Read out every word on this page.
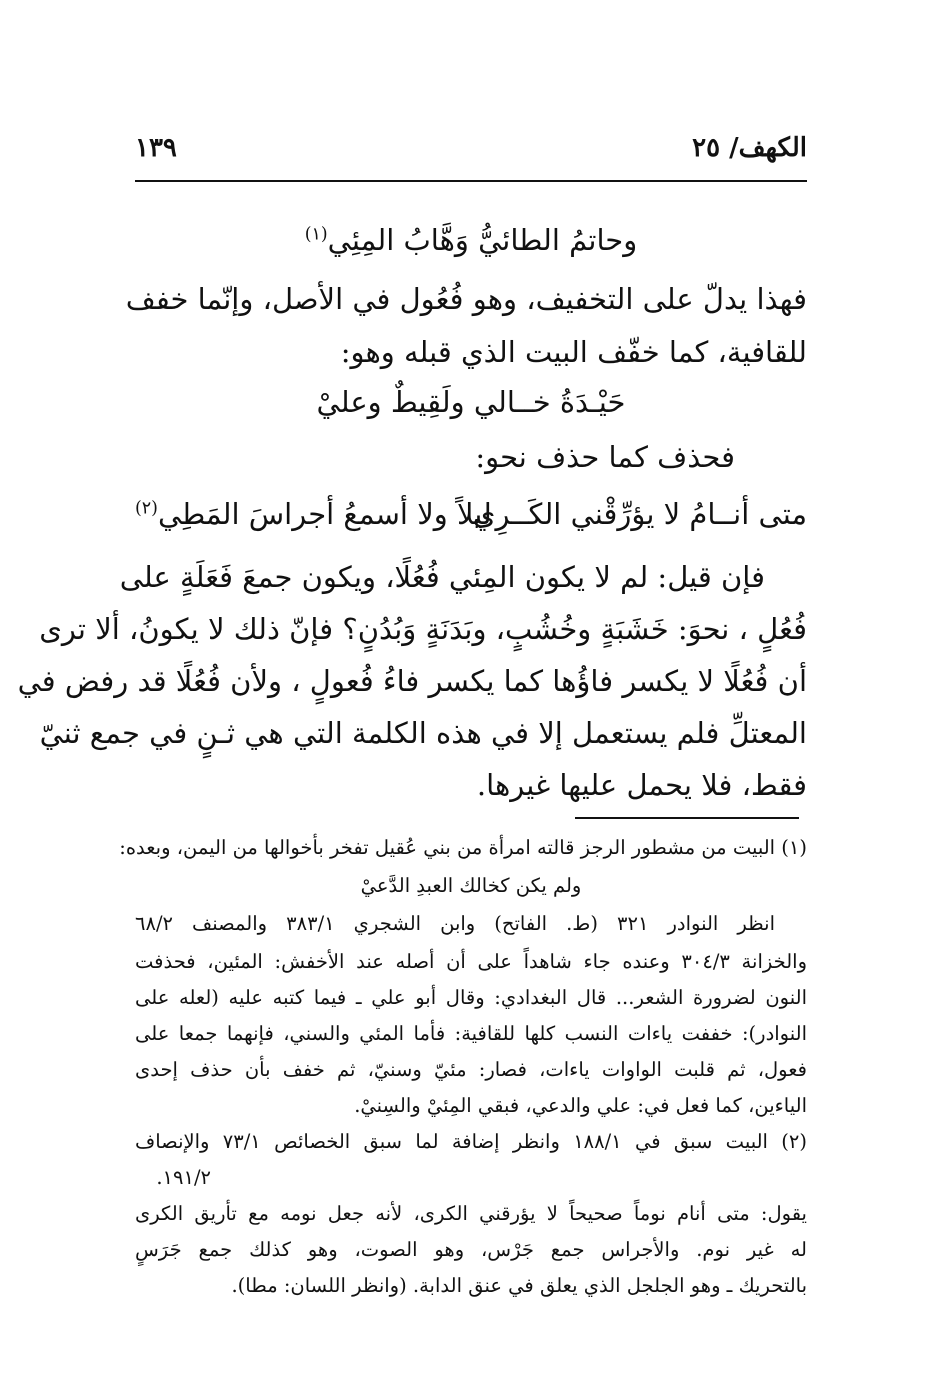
الكهف/ ٢٥
١٣٩
وحاتمُ الطائيُّ وَهَّابُ المِئِي$^{(١)}$
فهذا يدلّ على التخفيف، وهو فُعُول في الأصل، وإنّما خفف
للقافية، كما خفّف البيت الذي قبله وهو:
حَيْـدَةُ خــالي ولَقِيطٌ وعليْ
فحذف كما حذف نحو:
متى أنــامُ لا يؤرِّقْني الكَــرِي
ليلاً ولا أسمعُ أجراسَ المَطِي$^{(٢)}$
فإن قيل: لم لا يكون المِئي فُعُلًا، ويكون جمعَ فَعَلَةٍ على
فُعُلٍ ، نحوَ: خَشَبَةٍ وخُشُبٍ، وبَدَنَةٍ وَبُدُنٍ؟ فإنّ ذلك لا يكونُ، ألا ترى
أن فُعُلًا لا يكسر فاؤُها كما يكسر فاءُ فُعولٍ ، ولأن فُعُلًا قد رفض في
المعتلِّ فلم يستعمل إلا في هذه الكلمة التي هي ثـنٍ في جمع ثنيّ
فقط، فلا يحمل عليها غيرها.
(١) البيت من مشطور الرجز قالته امرأة من بني عُقيل تفخر بأخوالها من اليمن، وبعده:
ولم يكن كخالك العبدِ الدَّعيْ
انظر النوادر ٣٢١ (ط. الفاتح) وابن الشجري ٣٨٣/١ والمصنف ٦٨/٢
والخزانة ٣٠٤/٣ وعنده جاء شاهداً على أن أصله عند الأخفش: المئين، فحذفت
النون لضرورة الشعر... قال البغدادي: وقال أبو علي ـ فيما كتبه عليه (لعله على
النوادر): خففت ياءات النسب كلها للقافية: فأما المئي والسني، فإنهما جمعا على
فعول، ثم قلبت الواوات ياءات، فصار: مئيّ وسنيّ، ثم خفف بأن حذف إحدى
الياءين، كما فعل في: علي والدعي، فبقي المِئيْ والسِنيْ.
(٢) البيت سبق في ١٨٨/١ وانظر إضافة لما سبق الخصائص ٧٣/١ والإنصاف
١٩١/٢.
يقول: متى أنام نوماً صحيحاً لا يؤرقني الكرى، لأنه جعل نومه مع تأريق الكرى
له غير نوم. والأجراس جمع جَرْس، وهو الصوت، وهو كذلك جمع جَرَسٍ
بالتحريك ـ وهو الجلجل الذي يعلق في عنق الدابة. (وانظر اللسان: مطا).
